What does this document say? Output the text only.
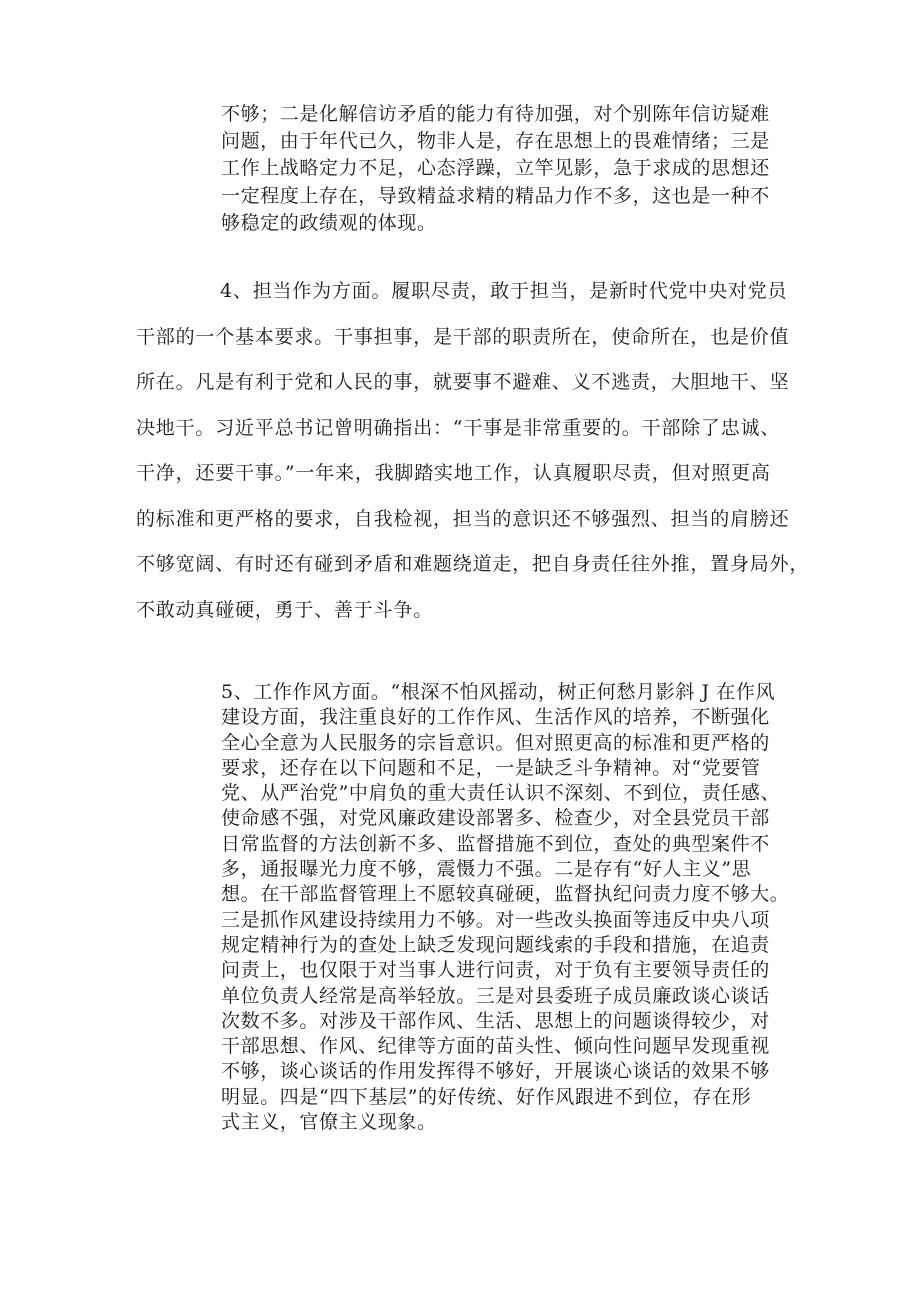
不够；二是化解信访矛盾的能力有待加强，对个别陈年信访疑难
问题，由于年代已久，物非人是，存在思想上的畏难情绪；三是
工作上战略定力不足，心态浮躁，立竿见影，急于求成的思想还
一定程度上存在，导致精益求精的精品力作不多，这也是一种不
够稳定的政绩观的体现。
4、担当作为方面。履职尽责，敢于担当，是新时代党中央对党员
干部的一个基本要求。干事担事，是干部的职责所在，使命所在，也是价值
所在。凡是有利于党和人民的事，就要事不避难、义不逃责，大胆地干、坚
决地干。习近平总书记曾明确指出：“干事是非常重要的。干部除了忠诚、
干净，还要干事。”一年来，我脚踏实地工作，认真履职尽责，但对照更高
的标准和更严格的要求，自我检视，担当的意识还不够强烈、担当的肩膀还
不够宽阔、有时还有碰到矛盾和难题绕道走，把自身责任往外推，置身局外，
不敢动真碰硬，勇于、善于斗争。
5、工作作风方面。“根深不怕风摇动，树正何愁月影斜 J 在作风
建设方面，我注重良好的工作作风、生活作风的培养，不断强化
全心全意为人民服务的宗旨意识。但对照更高的标准和更严格的
要求，还存在以下问题和不足，一是缺乏斗争精神。对“党要管
党、从严治党”中肩负的重大责任认识不深刻、不到位，责任感、
使命感不强，对党风廉政建设部署多、检查少，对全县党员干部
日常监督的方法创新不多、监督措施不到位，查处的典型案件不
多，通报曝光力度不够，震慑力不强。二是存有“好人主义”思
想。在干部监督管理上不愿较真碰硬，监督执纪问责力度不够大。
三是抓作风建设持续用力不够。对一些改头换面等违反中央八项
规定精神行为的查处上缺乏发现问题线索的手段和措施，在追责
问责上，也仅限于对当事人进行问责，对于负有主要领导责任的
单位负责人经常是高举轻放。三是对县委班子成员廉政谈心谈话
次数不多。对涉及干部作风、生活、思想上的问题谈得较少，对
干部思想、作风、纪律等方面的苗头性、倾向性问题早发现重视
不够，谈心谈话的作用发挥得不够好，开展谈心谈话的效果不够
明显。四是“四下基层”的好传统、好作风跟进不到位，存在形
式主义，官僚主义现象。
